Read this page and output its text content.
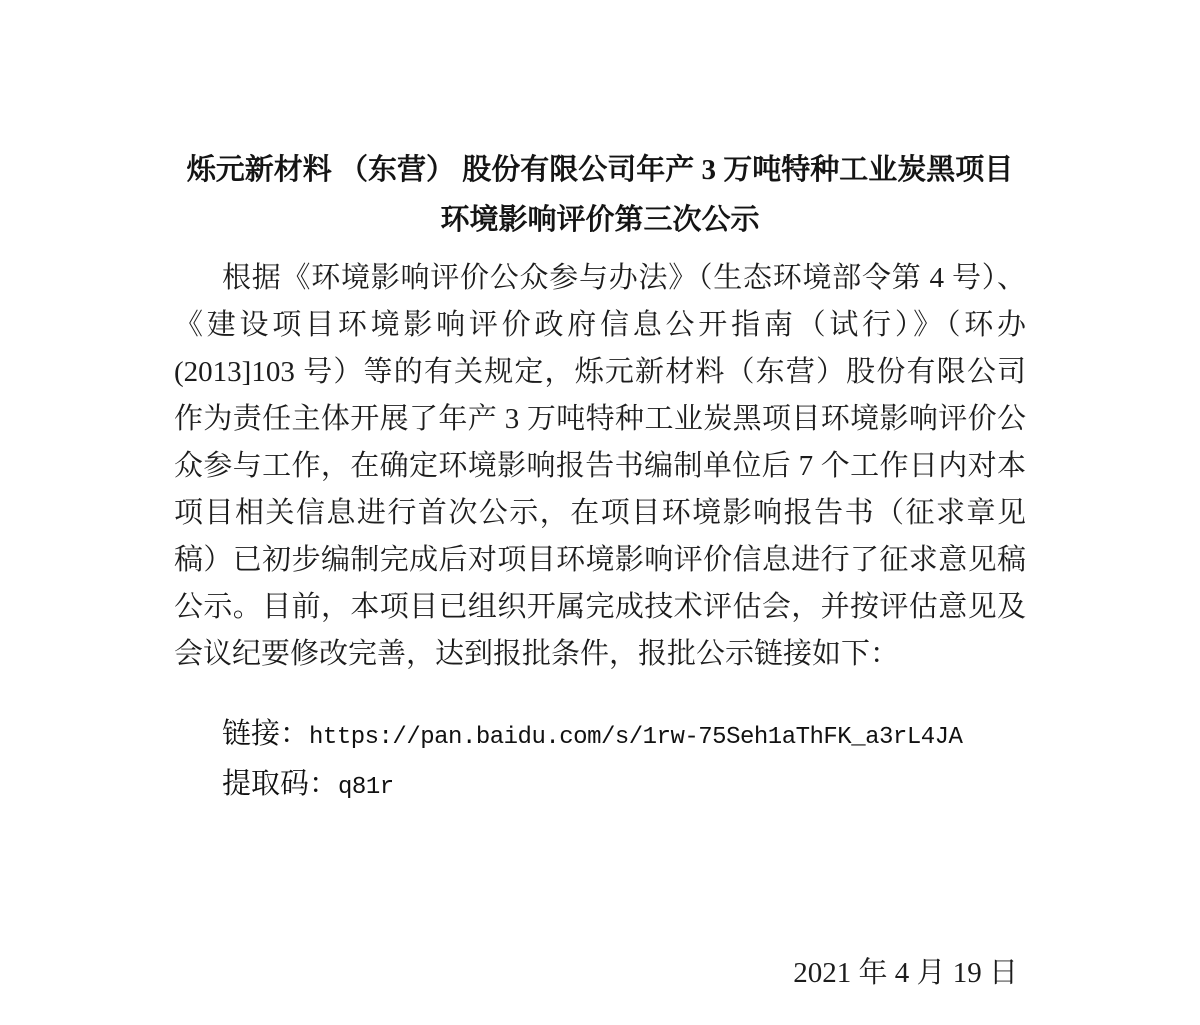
烁元新材料 （东营） 股份有限公司年产 3 万吨特种工业炭黑项目
环境影响评价第三次公示
根据《环境影响评价公众参与办法》（生态环境部令第 4 号）、《建设项目环境影响评价政府信息公开指南（试行）》（环办 (2013]103 号）等的有关规定，烁元新材料（东营）股份有限公司作为责任主体开展了年产 3 万吨特种工业炭黑项目环境影响评价公众参与工作，在确定环境影响报告书编制单位后 7 个工作日内对本项目相关信息进行首次公示，在项目环境影响报告书（征求章见稿）已初步编制完成后对项目环境影响评价信息进行了征求意见稿公示。目前，本项目已组织开属完成技术评估会，并按评估意见及会议纪要修改完善，达到报批条件，报批公示链接如下：
链接：https://pan.baidu.com/s/1rw-75Seh1aThFK_a3rL4JA
提取码：q81r
2021 年 4 月 19 日
